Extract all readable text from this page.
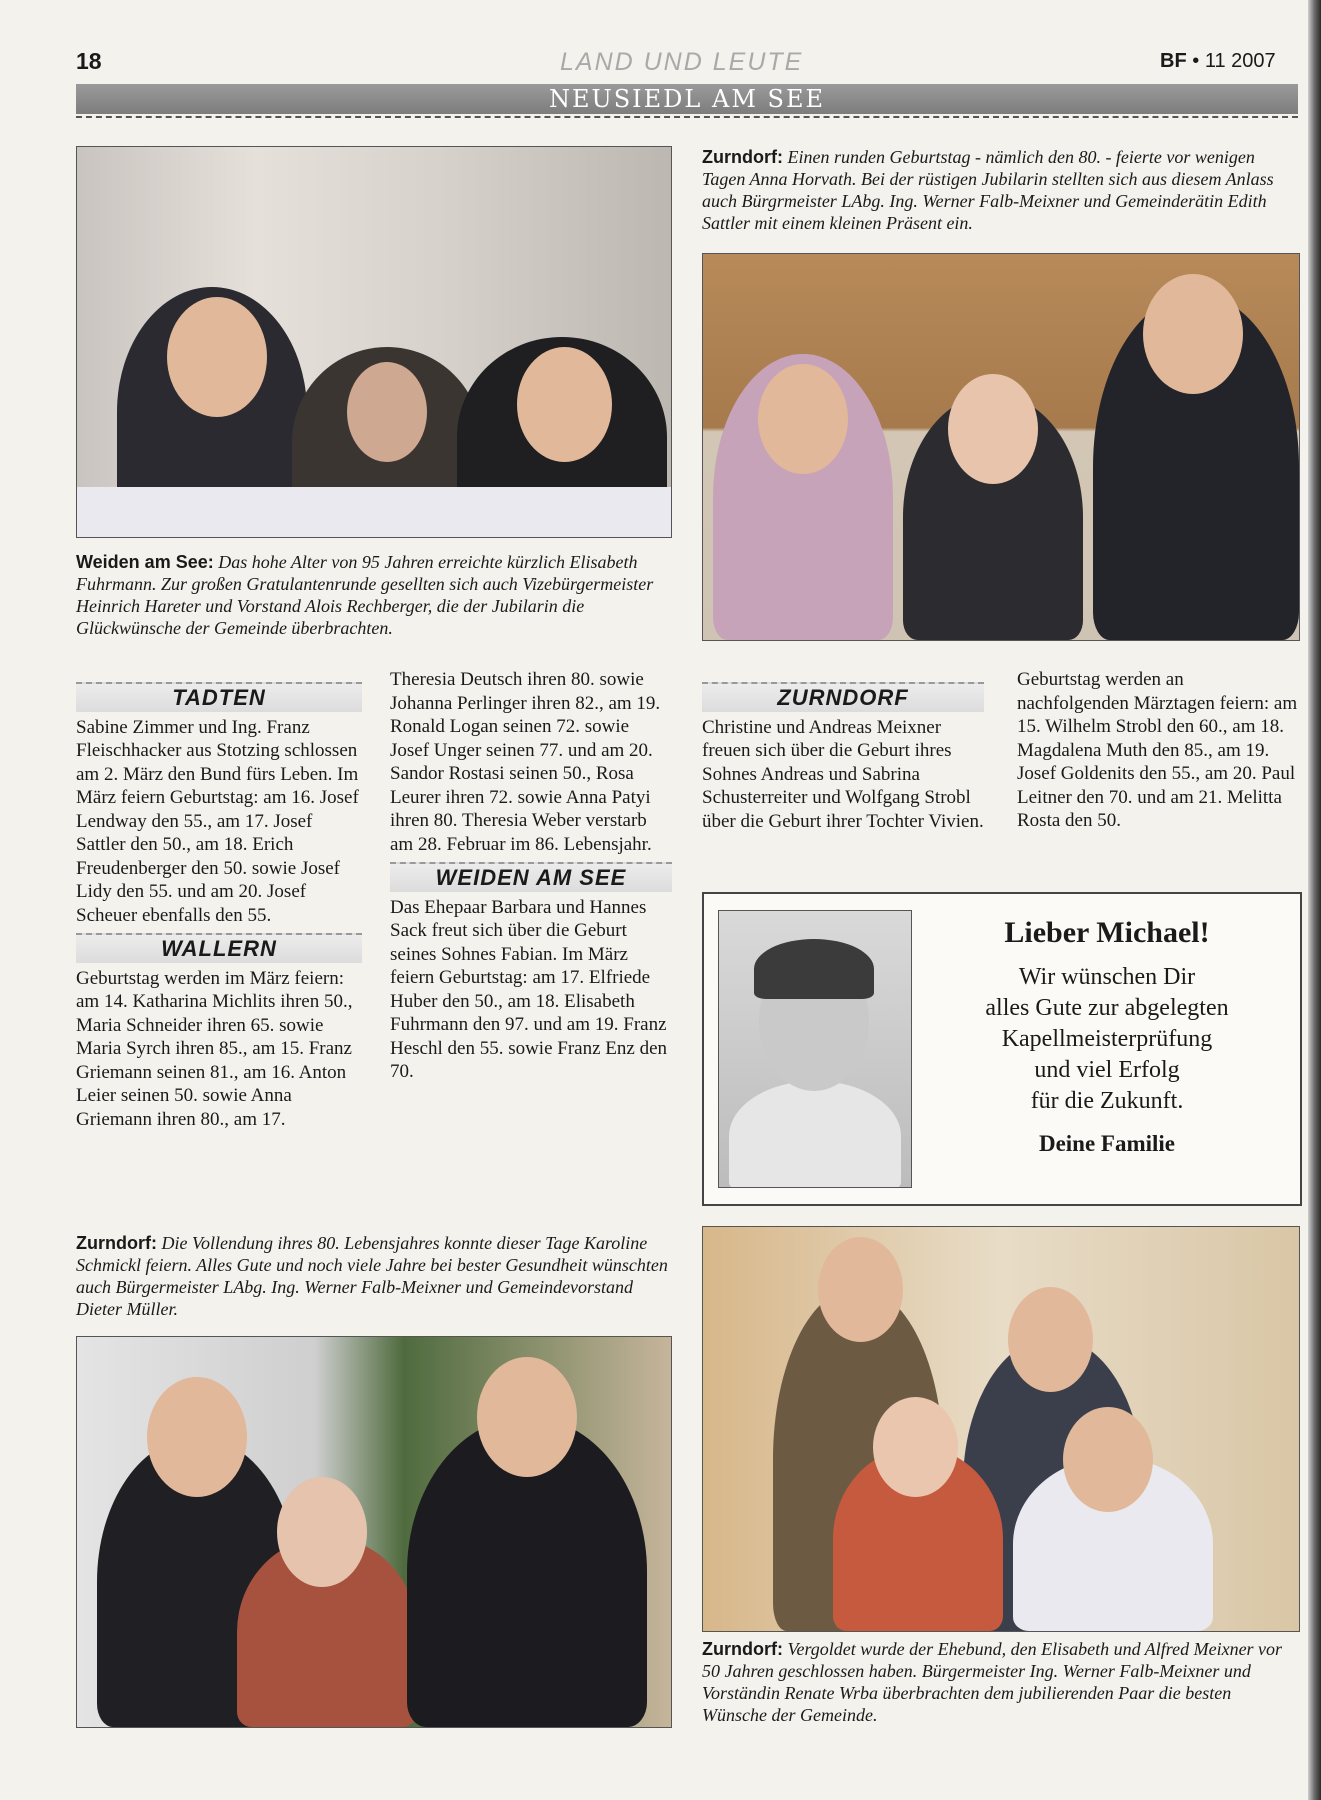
18	LAND UND LEUTE	BF • 11 2007
NEUSIEDL AM SEE
Weiden am See: Das hohe Alter von 95 Jahren erreichte kürzlich Elisabeth Fuhrmann. Zur großen Gratulantenrunde gesellten sich auch Vizebürgermeister Heinrich Hareter und Vorstand Alois Rechberger, die der Jubilarin die Glückwünsche der Gemeinde überbrachten.
Zurndorf: Einen runden Geburtstag - nämlich den 80. - feierte vor wenigen Tagen Anna Horvath. Bei der rüstigen Jubilarin stellten sich aus diesem Anlass auch Bürgrmeister LAbg. Ing. Werner Falb-Meixner und Gemeinderätin Edith Sattler mit einem kleinen Präsent ein.
TADTEN
Sabine Zimmer und Ing. Franz Fleischhacker aus Stotzing schlossen am 2. März den Bund fürs Leben. Im März feiern Geburtstag: am 16. Josef Lendway den 55., am 17. Josef Sattler den 50., am 18. Erich Freudenberger den 50. sowie Josef Lidy den 55. und am 20. Josef Scheuer ebenfalls den 55.
WALLERN
Geburtstag werden im März feiern: am 14. Katharina Michlits ihren 50., Maria Schneider ihren 65. sowie Maria Syrch ihren 85., am 15. Franz Griemann seinen 81., am 16. Anton Leier seinen 50. sowie Anna Griemann ihren 80., am 17.
Theresia Deutsch ihren 80. sowie Johanna Perlinger ihren 82., am 19. Ronald Logan seinen 72. sowie Josef Unger seinen 77. und am 20. Sandor Rostasi seinen 50., Rosa Leurer ihren 72. sowie Anna Patyi ihren 80. Theresia Weber verstarb am 28. Februar im 86. Lebensjahr.
WEIDEN AM SEE
Das Ehepaar Barbara und Hannes Sack freut sich über die Geburt seines Sohnes Fabian. Im März feiern Geburtstag: am 17. Elfriede Huber den 50., am 18. Elisabeth Fuhrmann den 97. und am 19. Franz Heschl den 55. sowie Franz Enz den 70.
ZURNDORF
Christine und Andreas Meixner freuen sich über die Geburt ihres Sohnes Andreas und Sabrina Schusterreiter und Wolfgang Strobl über die Geburt ihrer Tochter Vivien.
Geburtstag werden an nachfolgenden Märztagen feiern: am 15. Wilhelm Strobl den 60., am 18. Magdalena Muth den 85., am 19. Josef Goldenits den 55., am 20. Paul Leitner den 70. und am 21. Melitta Rosta den 50.
Lieber Michael!
Wir wünschen Dir
alles Gute zur abgelegten
Kapellmeisterprüfung
und viel Erfolg
für die Zukunft.
Deine Familie
Zurndorf: Die Vollendung ihres 80. Lebensjahres konnte dieser Tage Karoline Schmickl feiern. Alles Gute und noch viele Jahre bei bester Gesundheit wünschten auch Bürgermeister LAbg. Ing. Werner Falb-Meixner und Gemeindevorstand Dieter Müller.
Zurndorf: Vergoldet wurde der Ehebund, den Elisabeth und Alfred Meixner vor 50 Jahren geschlossen haben. Bürgermeister Ing. Werner Falb-Meixner und Vorständin Renate Wrba überbrachten dem jubilierenden Paar die besten Wünsche der Gemeinde.
